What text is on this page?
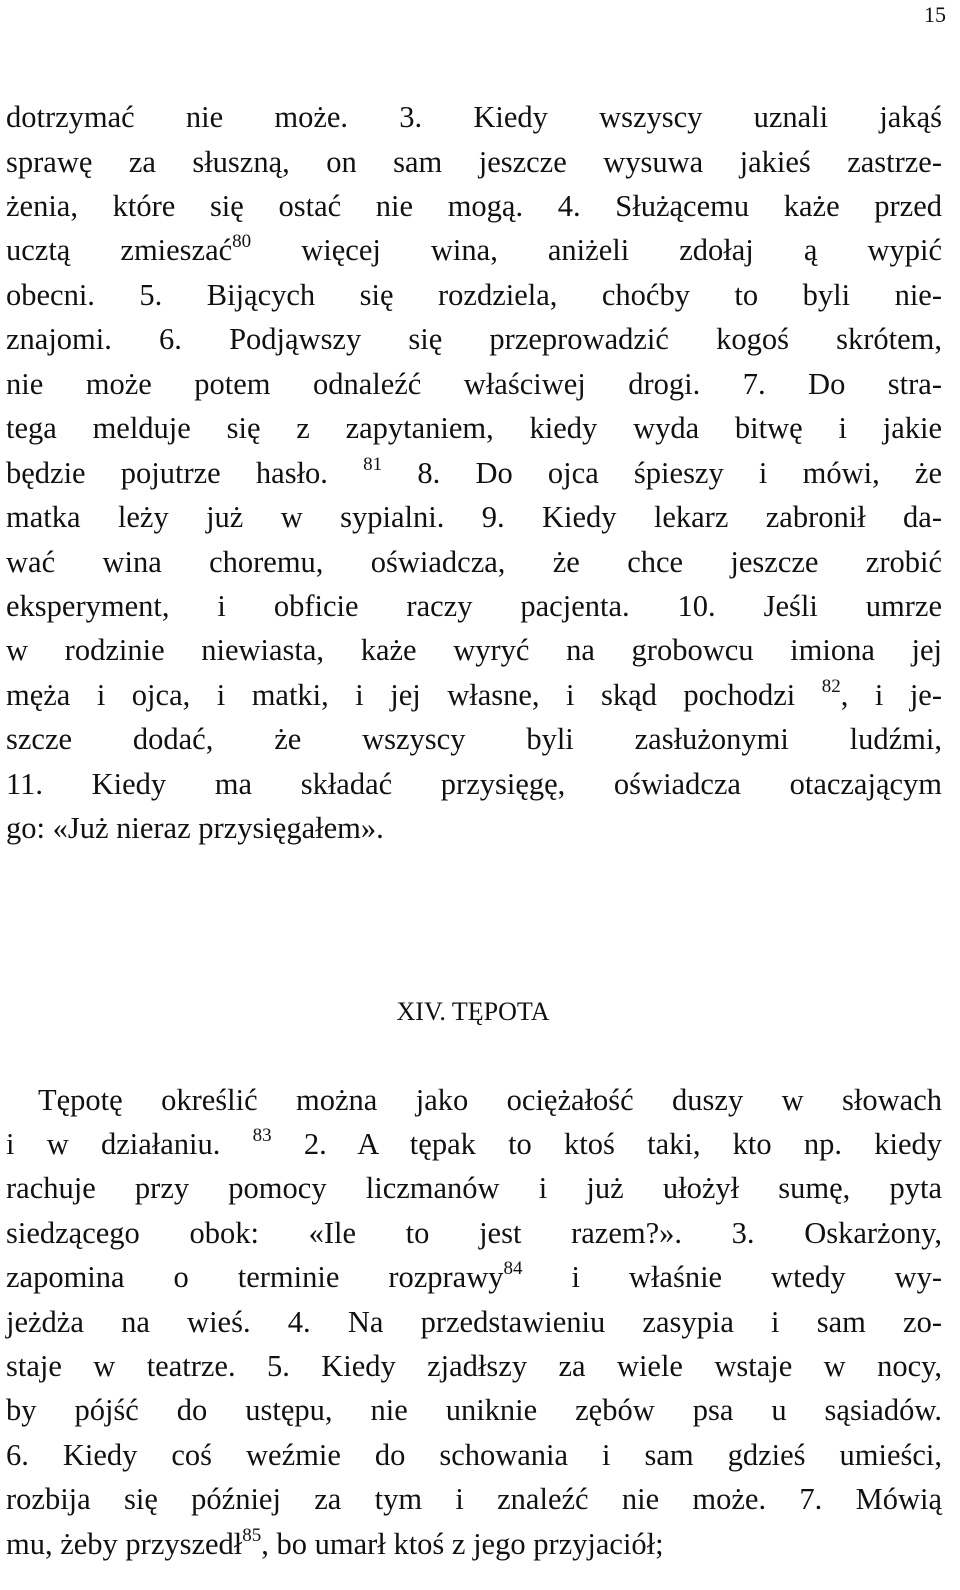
15
dotrzymać nie może. 3. Kiedy wszyscy uznali jakąś
sprawę za słuszną, on sam jeszcze wysuwa jakieś zastrze-
żenia, które się ostać nie mogą. 4. Służącemu każe przed
ucztą zmieszać$^{80}$ więcej wina, aniżeli zdołaj ą wypić
obecni. 5. Bijących się rozdziela, choćby to byli nie-
znajomi. 6. Podjąwszy się przeprowadzić kogoś skrótem,
nie może potem odnaleźć właściwej drogi. 7. Do stra-
tega melduje się z zapytaniem, kiedy wyda bitwę i jakie
będzie pojutrze hasło. $^{81}$ 8. Do ojca śpieszy i mówi, że
matka leży już w sypialni. 9. Kiedy lekarz zabronił da-
wać wina choremu, oświadcza, że chce jeszcze zrobić
eksperyment, i obficie raczy pacjenta. 10. Jeśli umrze
w rodzinie niewiasta, każe wyryć na grobowcu imiona jej
męża i ojca, i matki, i jej własne, i skąd pochodzi $^{82}$, i je-
szcze dodać, że wszyscy byli zasłużonymi ludźmi,
11. Kiedy ma składać przysięgę, oświadcza otaczającym
go: «Już nieraz przysięgałem».
XIV. TĘPOTA
Tępotę określić można jako ociężałość duszy w słowach
i w działaniu. $^{83}$ 2. A tępak to ktoś taki, kto np. kiedy
rachuje przy pomocy liczmanów i już ułożył sumę, pyta
siedzącego obok: «Ile to jest razem?». 3. Oskarżony,
zapomina o terminie rozprawy$^{84}$ i właśnie wtedy wy-
jeżdża na wieś. 4. Na przedstawieniu zasypia i sam zo-
staje w teatrze. 5. Kiedy zjadłszy za wiele wstaje w nocy,
by pójść do ustępu, nie uniknie zębów psa u sąsiadów.
6. Kiedy coś weźmie do schowania i sam gdzieś umieści,
rozbija się później za tym i znaleźć nie może. 7. Mówią
mu, żeby przyszedł$^{85}$, bo umarł ktoś z jego przyjaciół;
